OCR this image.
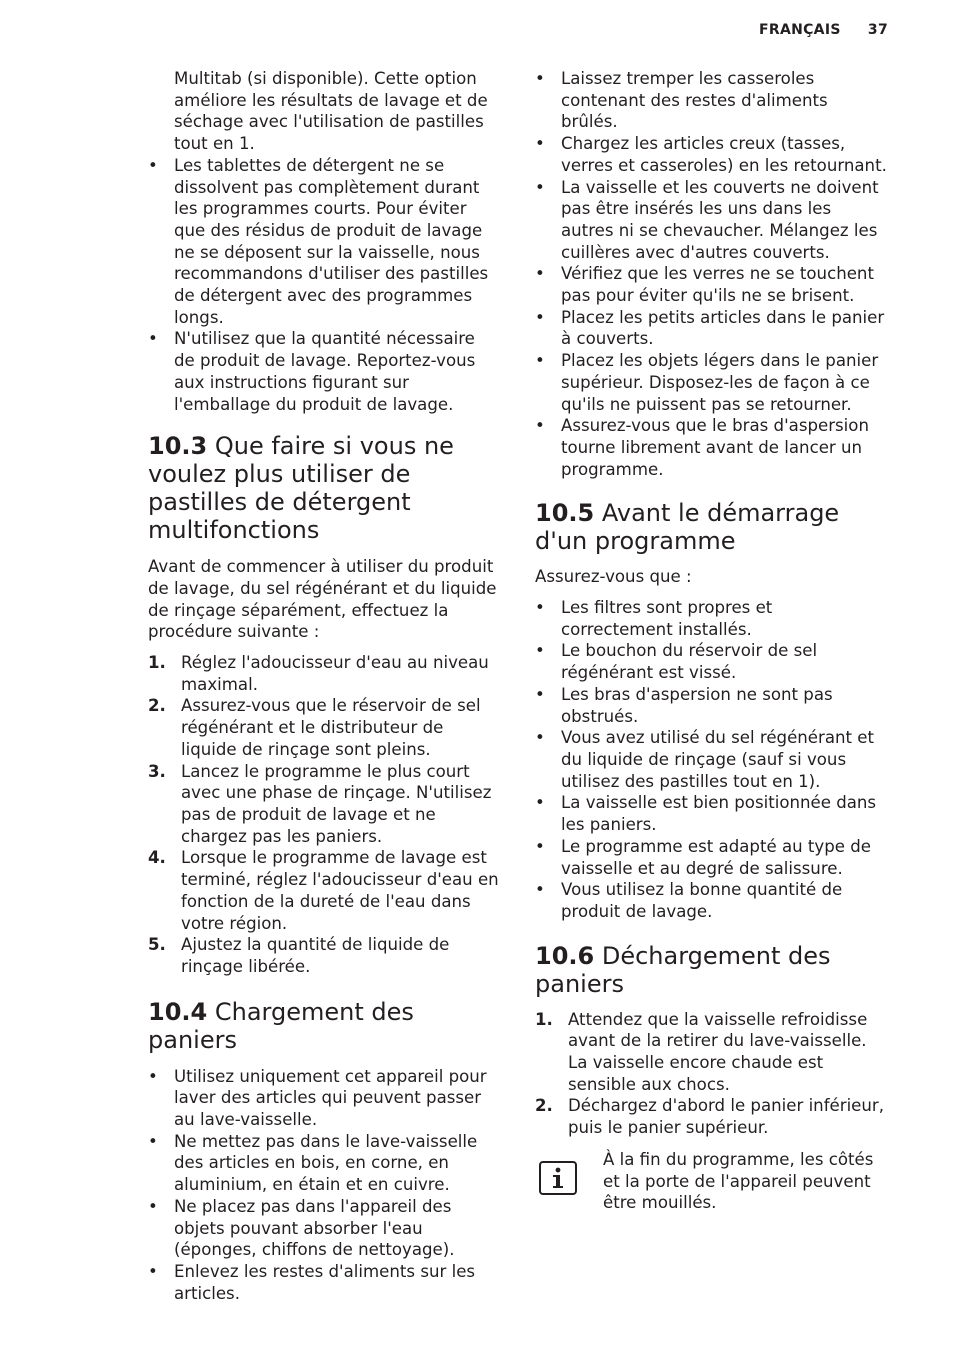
FRANÇAIS 37
Multitab (si disponible). Cette option améliore les résultats de lavage et de séchage avec l'utilisation de pastilles tout en 1.
• Les tablettes de détergent ne se dissolvent pas complètement durant les programmes courts. Pour éviter que des résidus de produit de lavage ne se déposent sur la vaisselle, nous recommandons d'utiliser des pastilles de détergent avec des programmes longs.
• N'utilisez que la quantité nécessaire de produit de lavage. Reportez-vous aux instructions figurant sur l'emballage du produit de lavage.
10.3 Que faire si vous ne voulez plus utiliser de pastilles de détergent multifonctions

Avant de commencer à utiliser du produit de lavage, du sel régénérant et du liquide de rinçage séparément, effectuez la procédure suivante :

1. Réglez l'adoucisseur d'eau au niveau maximal.
2. Assurez-vous que le réservoir de sel régénérant et le distributeur de liquide de rinçage sont pleins.
3. Lancez le programme le plus court avec une phase de rinçage. N'utilisez pas de produit de lavage et ne chargez pas les paniers.
4. Lorsque le programme de lavage est terminé, réglez l'adoucisseur d'eau en fonction de la dureté de l'eau dans votre région.
5. Ajustez la quantité de liquide de rinçage libérée.
10.4 Chargement des paniers
• Utilisez uniquement cet appareil pour laver des articles qui peuvent passer au lave-vaisselle.
• Ne mettez pas dans le lave-vaisselle des articles en bois, en corne, en aluminium, en étain et en cuivre.
• Ne placez pas dans l'appareil des objets pouvant absorber l'eau (éponges, chiffons de nettoyage).
• Enlevez les restes d'aliments sur les articles.
• Laissez tremper les casseroles contenant des restes d'aliments brûlés.
• Chargez les articles creux (tasses, verres et casseroles) en les retournant.
• La vaisselle et les couverts ne doivent pas être insérés les uns dans les autres ni se chevaucher. Mélangez les cuillères avec d'autres couverts.
• Vérifiez que les verres ne se touchent pas pour éviter qu'ils ne se brisent.
• Placez les petits articles dans le panier à couverts.
• Placez les objets légers dans le panier supérieur. Disposez-les de façon à ce qu'ils ne puissent pas se retourner.
• Assurez-vous que le bras d'aspersion tourne librement avant de lancer un programme.
10.5 Avant le démarrage d'un programme

Assurez-vous que :

• Les filtres sont propres et correctement installés.
• Le bouchon du réservoir de sel régénérant est vissé.
• Les bras d'aspersion ne sont pas obstrués.
• Vous avez utilisé du sel régénérant et du liquide de rinçage (sauf si vous utilisez des pastilles tout en 1).
• La vaisselle est bien positionnée dans les paniers.
• Le programme est adapté au type de vaisselle et au degré de salissure.
• Vous utilisez la bonne quantité de produit de lavage.
10.6 Déchargement des paniers
1. Attendez que la vaisselle refroidisse avant de la retirer du lave-vaisselle. La vaisselle encore chaude est sensible aux chocs.
2. Déchargez d'abord le panier inférieur, puis le panier supérieur.

À la fin du programme, les côtés et la porte de l'appareil peuvent être mouillés.
